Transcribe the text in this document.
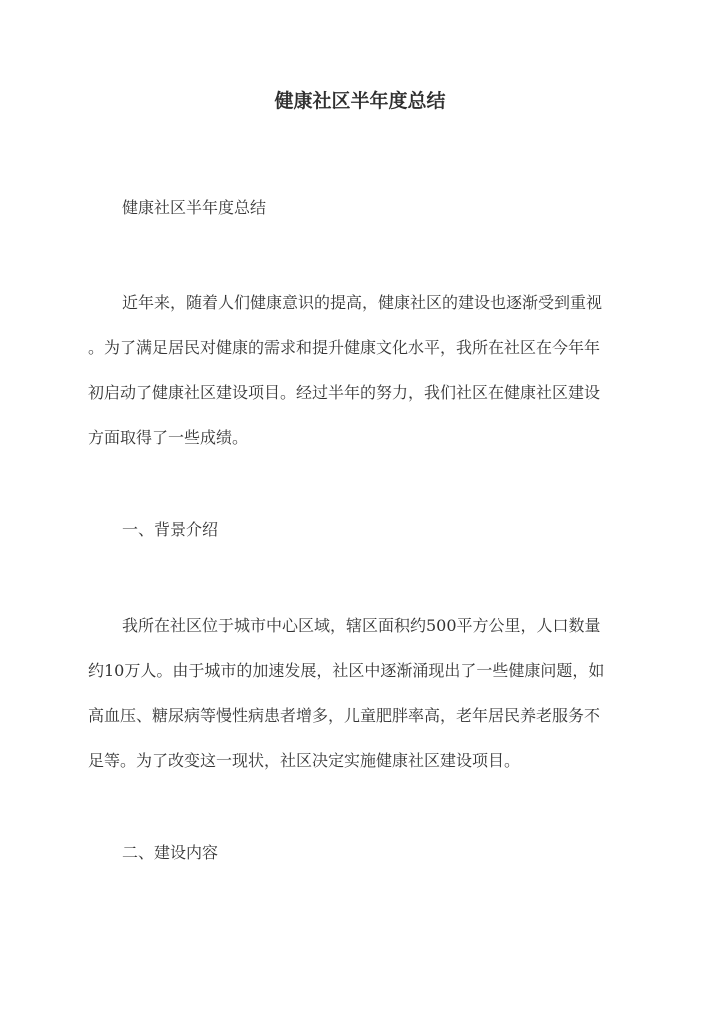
健康社区半年度总结

健康社区半年度总结

近年来，随着人们健康意识的提高，健康社区的建设也逐渐受到重视
。为了满足居民对健康的需求和提升健康文化水平，我所在社区在今年年
初启动了健康社区建设项目。经过半年的努力，我们社区在健康社区建设
方面取得了一些成绩。

一、背景介绍

我所在社区位于城市中心区域，辖区面积约500平方公里，人口数量
约10万人。由于城市的加速发展，社区中逐渐涌现出了一些健康问题，如
高血压、糖尿病等慢性病患者增多，儿童肥胖率高，老年居民养老服务不
足等。为了改变这一现状，社区决定实施健康社区建设项目。

二、建设内容
